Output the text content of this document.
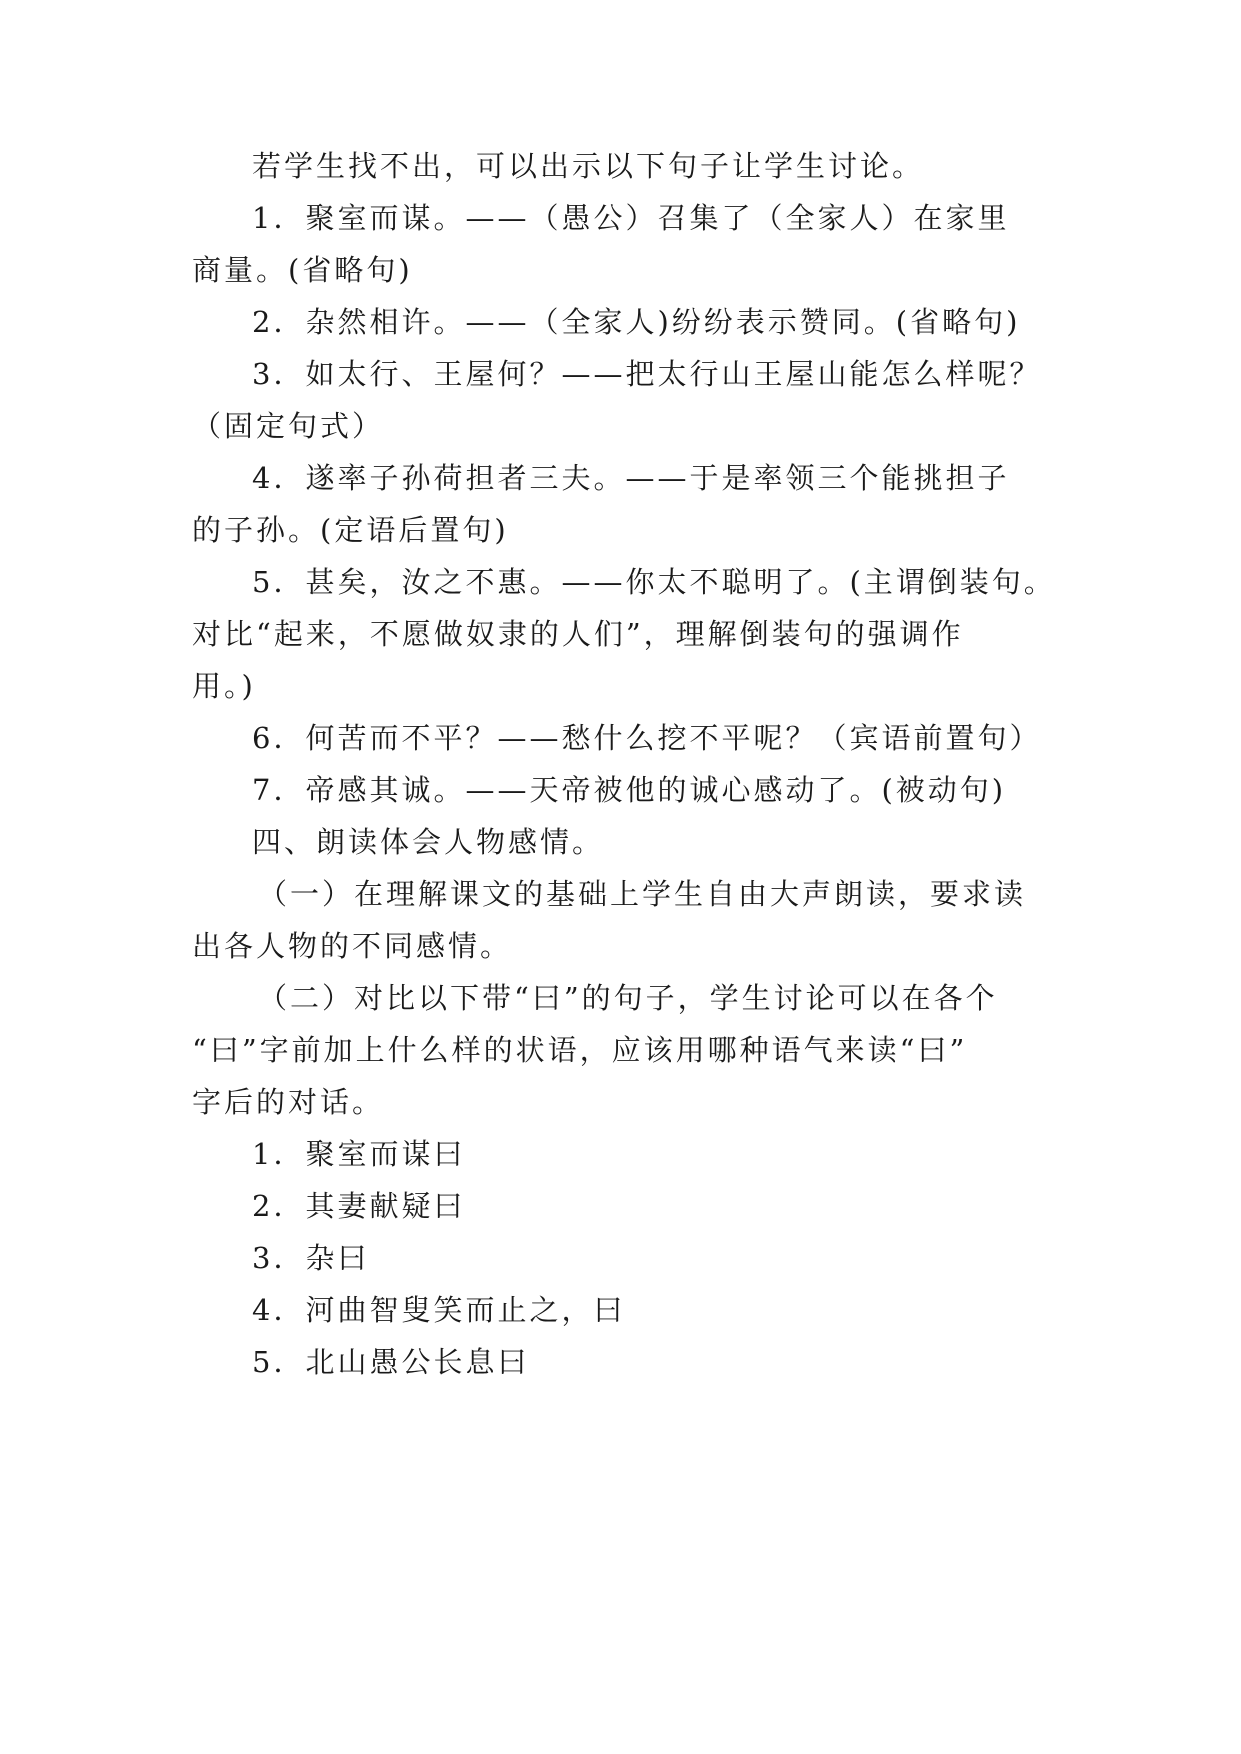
若学生找不出，可以出示以下句子让学生讨论。
1．聚室而谋。——（愚公）召集了（全家人）在家里
商量。(省略句)
2．杂然相许。——（全家人)纷纷表示赞同。(省略句)
3．如太行、王屋何？——把太行山王屋山能怎么样呢？
（固定句式）
4．遂率子孙荷担者三夫。——于是率领三个能挑担子
的子孙。(定语后置句)
5．甚矣，汝之不惠。——你太不聪明了。(主谓倒装句。
对比“起来，不愿做奴隶的人们”，理解倒装句的强调作
用。)
6．何苦而不平？——愁什么挖不平呢？（宾语前置句）
7．帝感其诚。——天帝被他的诚心感动了。(被动句)
四、朗读体会人物感情。
（一）在理解课文的基础上学生自由大声朗读，要求读
出各人物的不同感情。
（二）对比以下带“曰”的句子，学生讨论可以在各个
“曰”字前加上什么样的状语，应该用哪种语气来读“曰”
字后的对话。
1．聚室而谋曰
2．其妻献疑曰
3．杂曰
4．河曲智叟笑而止之，曰
5．北山愚公长息曰
